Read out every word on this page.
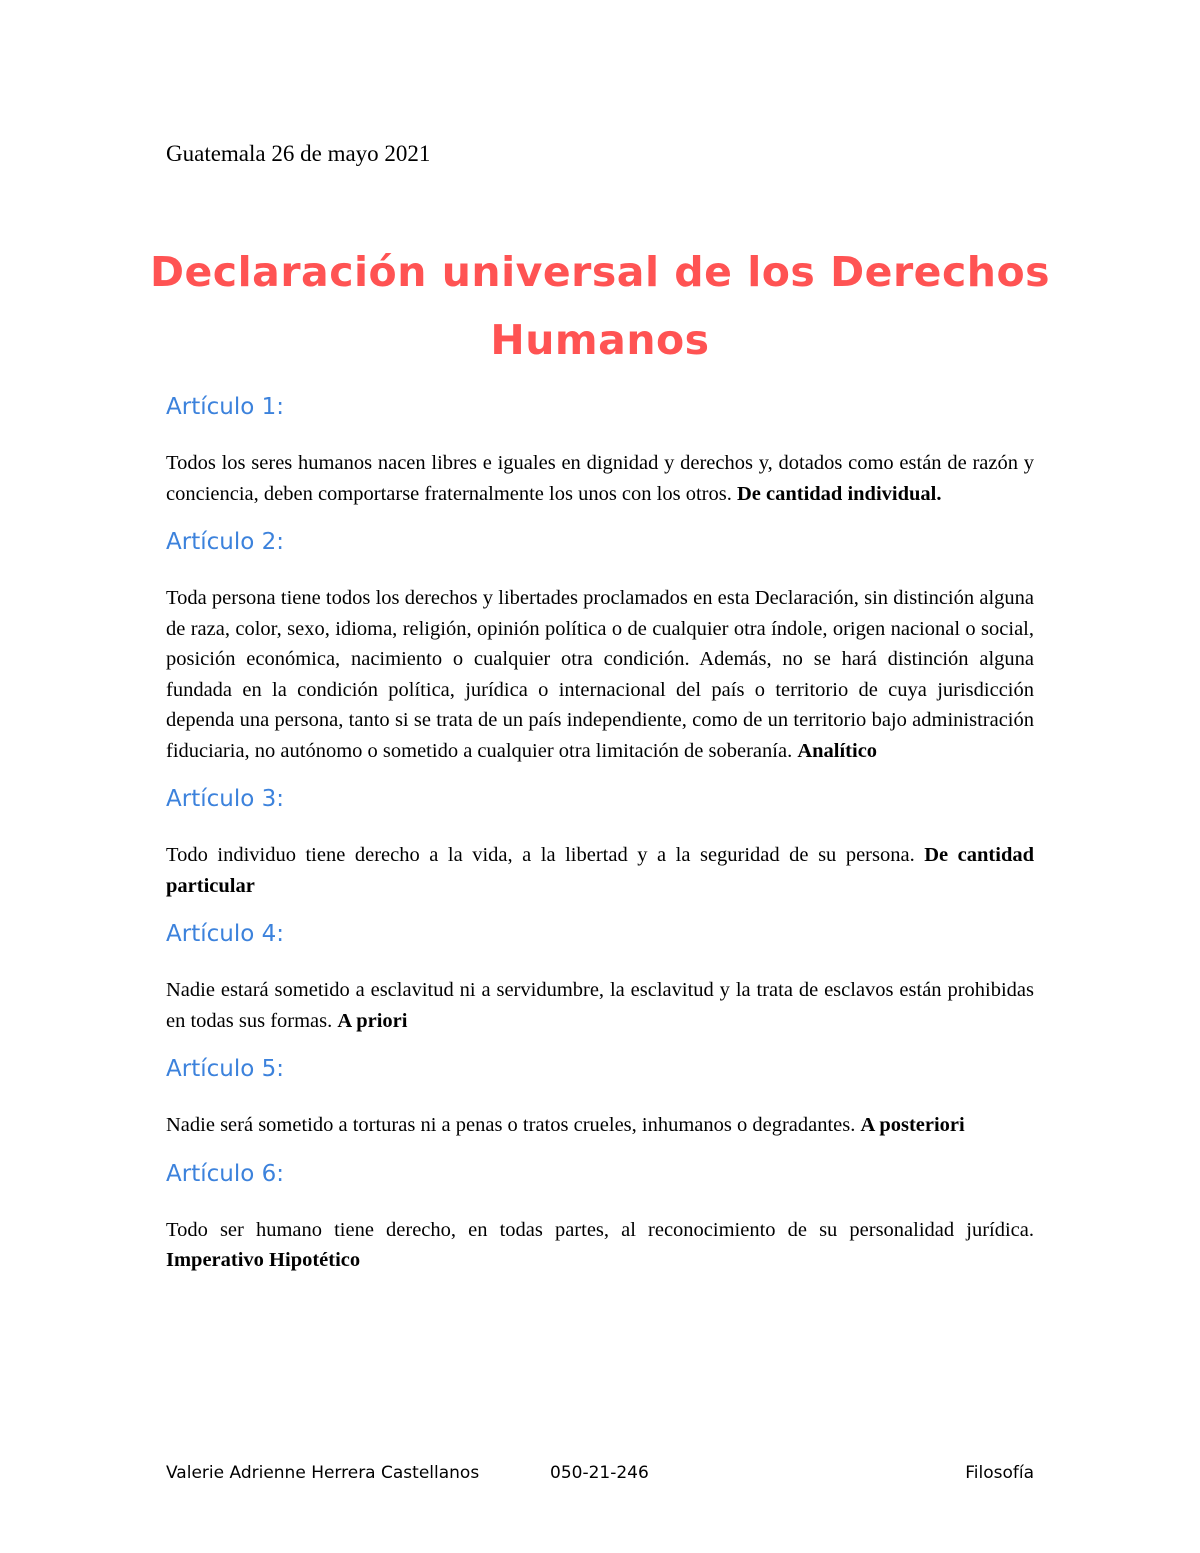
Guatemala 26 de mayo 2021
Declaración universal de los Derechos Humanos
Artículo 1:
Todos los seres humanos nacen libres e iguales en dignidad y derechos y, dotados como están de razón y conciencia, deben comportarse fraternalmente los unos con los otros. De cantidad individual.
Artículo 2:
Toda persona tiene todos los derechos y libertades proclamados en esta Declaración, sin distinción alguna de raza, color, sexo, idioma, religión, opinión política o de cualquier otra índole, origen nacional o social, posición económica, nacimiento o cualquier otra condición. Además, no se hará distinción alguna fundada en la condición política, jurídica o internacional del país o territorio de cuya jurisdicción dependa una persona, tanto si se trata de un país independiente, como de un territorio bajo administración fiduciaria, no autónomo o sometido a cualquier otra limitación de soberanía. Analítico
Artículo 3:
Todo individuo tiene derecho a la vida, a la libertad y a la seguridad de su persona. De cantidad particular
Artículo 4:
Nadie estará sometido a esclavitud ni a servidumbre, la esclavitud y la trata de esclavos están prohibidas en todas sus formas. A priori
Artículo 5:
Nadie será sometido a torturas ni a penas o tratos crueles, inhumanos o degradantes. A posteriori
Artículo 6:
Todo ser humano tiene derecho, en todas partes, al reconocimiento de su personalidad jurídica. Imperativo Hipotético
Valerie Adrienne Herrera Castellanos	050-21-246	Filosofía
